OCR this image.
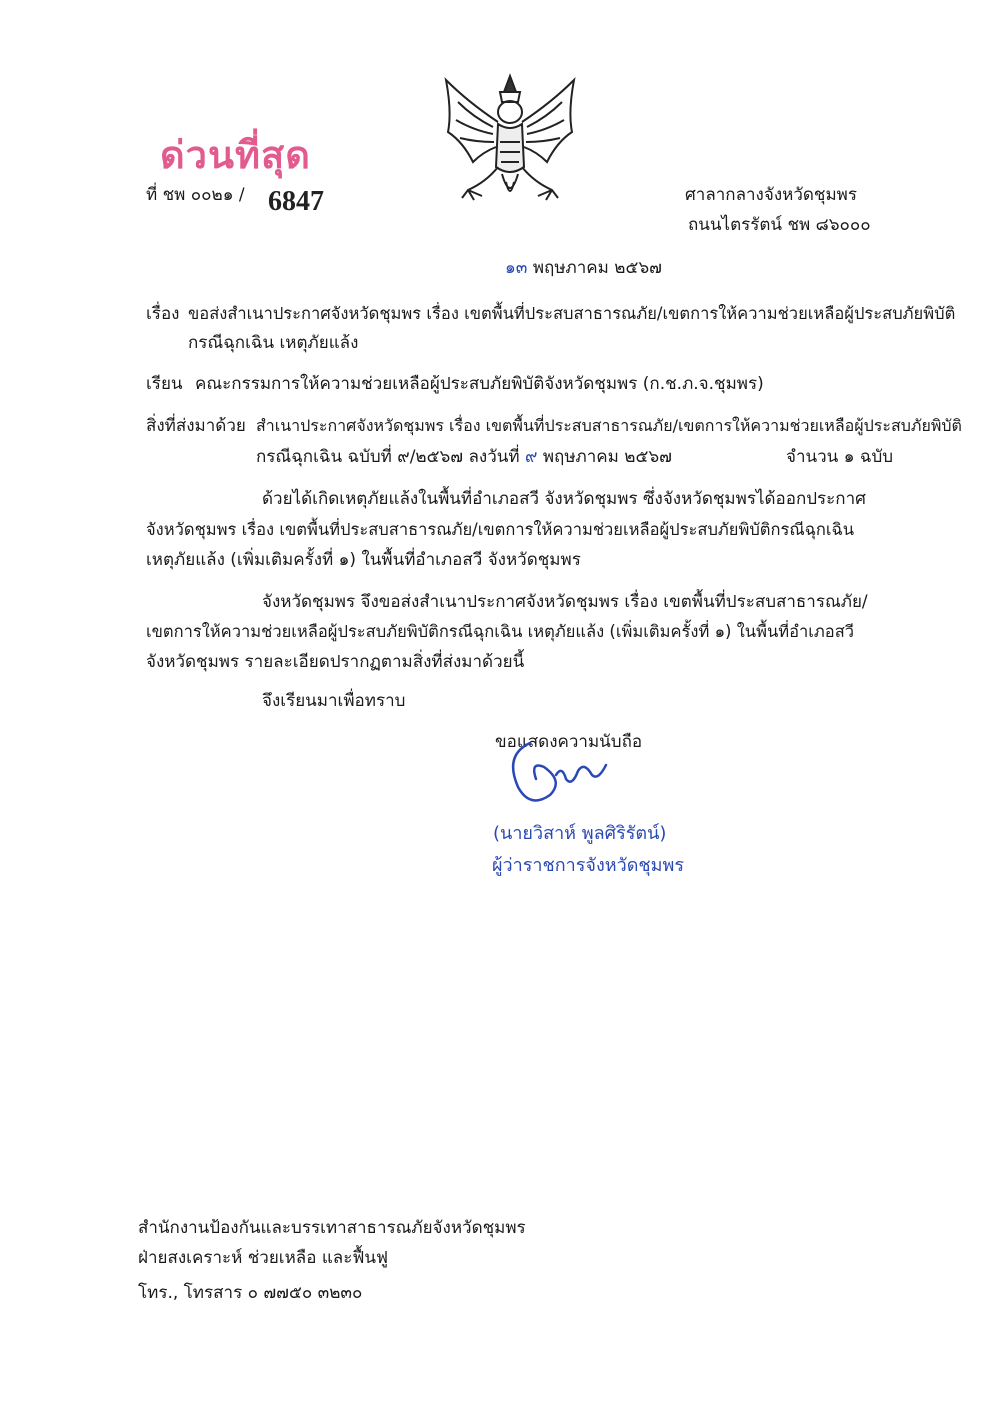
ด่วนที่สุด
ที่ ชพ ๐๐๒๑ / 6847	ศาลากลางจังหวัดชุมพร
ถนนไตรรัตน์ ชพ ๘๖๐๐๐
๑๓ พฤษภาคม ๒๕๖๗
เรื่อง ขอส่งสำเนาประกาศจังหวัดชุมพร เรื่อง เขตพื้นที่ประสบสาธารณภัย/เขตการให้ความช่วยเหลือผู้ประสบภัยพิบัติ
กรณีฉุกเฉิน เหตุภัยแล้ง
เรียน คณะกรรมการให้ความช่วยเหลือผู้ประสบภัยพิบัติจังหวัดชุมพร (ก.ช.ภ.จ.ชุมพร)
สิ่งที่ส่งมาด้วย สำเนาประกาศจังหวัดชุมพร เรื่อง เขตพื้นที่ประสบสาธารณภัย/เขตการให้ความช่วยเหลือผู้ประสบภัยพิบัติ
กรณีฉุกเฉิน ฉบับที่ ๙/๒๕๖๗ ลงวันที่ ๙ พฤษภาคม ๒๕๖๗	จำนวน ๑ ฉบับ
ด้วยได้เกิดเหตุภัยแล้งในพื้นที่อำเภอสวี จังหวัดชุมพร ซึ่งจังหวัดชุมพรได้ออกประกาศ
จังหวัดชุมพร เรื่อง เขตพื้นที่ประสบสาธารณภัย/เขตการให้ความช่วยเหลือผู้ประสบภัยพิบัติกรณีฉุกเฉิน
เหตุภัยแล้ง (เพิ่มเติมครั้งที่ ๑) ในพื้นที่อำเภอสวี จังหวัดชุมพร
จังหวัดชุมพร จึงขอส่งสำเนาประกาศจังหวัดชุมพร เรื่อง เขตพื้นที่ประสบสาธารณภัย/
เขตการให้ความช่วยเหลือผู้ประสบภัยพิบัติกรณีฉุกเฉิน เหตุภัยแล้ง (เพิ่มเติมครั้งที่ ๑) ในพื้นที่อำเภอสวี
จังหวัดชุมพร รายละเอียดปรากฏตามสิ่งที่ส่งมาด้วยนี้
จึงเรียนมาเพื่อทราบ
ขอแสดงความนับถือ
(นายวิสาห์ พูลศิริรัตน์)
ผู้ว่าราชการจังหวัดชุมพร
สำนักงานป้องกันและบรรเทาสาธารณภัยจังหวัดชุมพร
ฝ่ายสงเคราะห์ ช่วยเหลือ และฟื้นฟู
โทร., โทรสาร ๐ ๗๗๕๐ ๓๒๓๐
